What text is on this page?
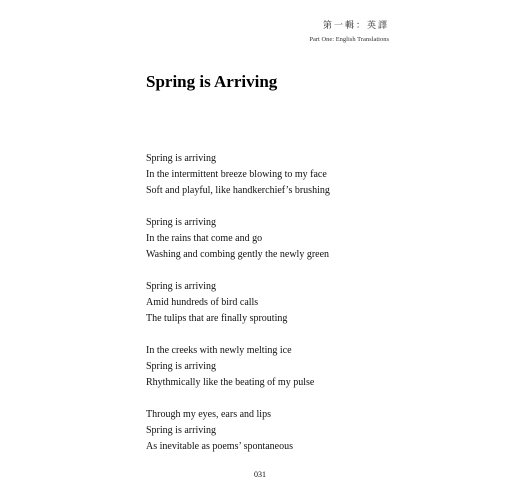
第一輯：英譯
Part One: English Translations
Spring is Arriving
Spring is arriving
In the intermittent breeze blowing to my face
Soft and playful, like handkerchief’s brushing
Spring is arriving
In the rains that come and go
Washing and combing gently the newly green
Spring is arriving
Amid hundreds of bird calls
The tulips that are finally sprouting
In the creeks with newly melting ice
Spring is arriving
Rhythmically like the beating of my pulse
Through my eyes, ears and lips
Spring is arriving
As inevitable as poems’ spontaneous
031
